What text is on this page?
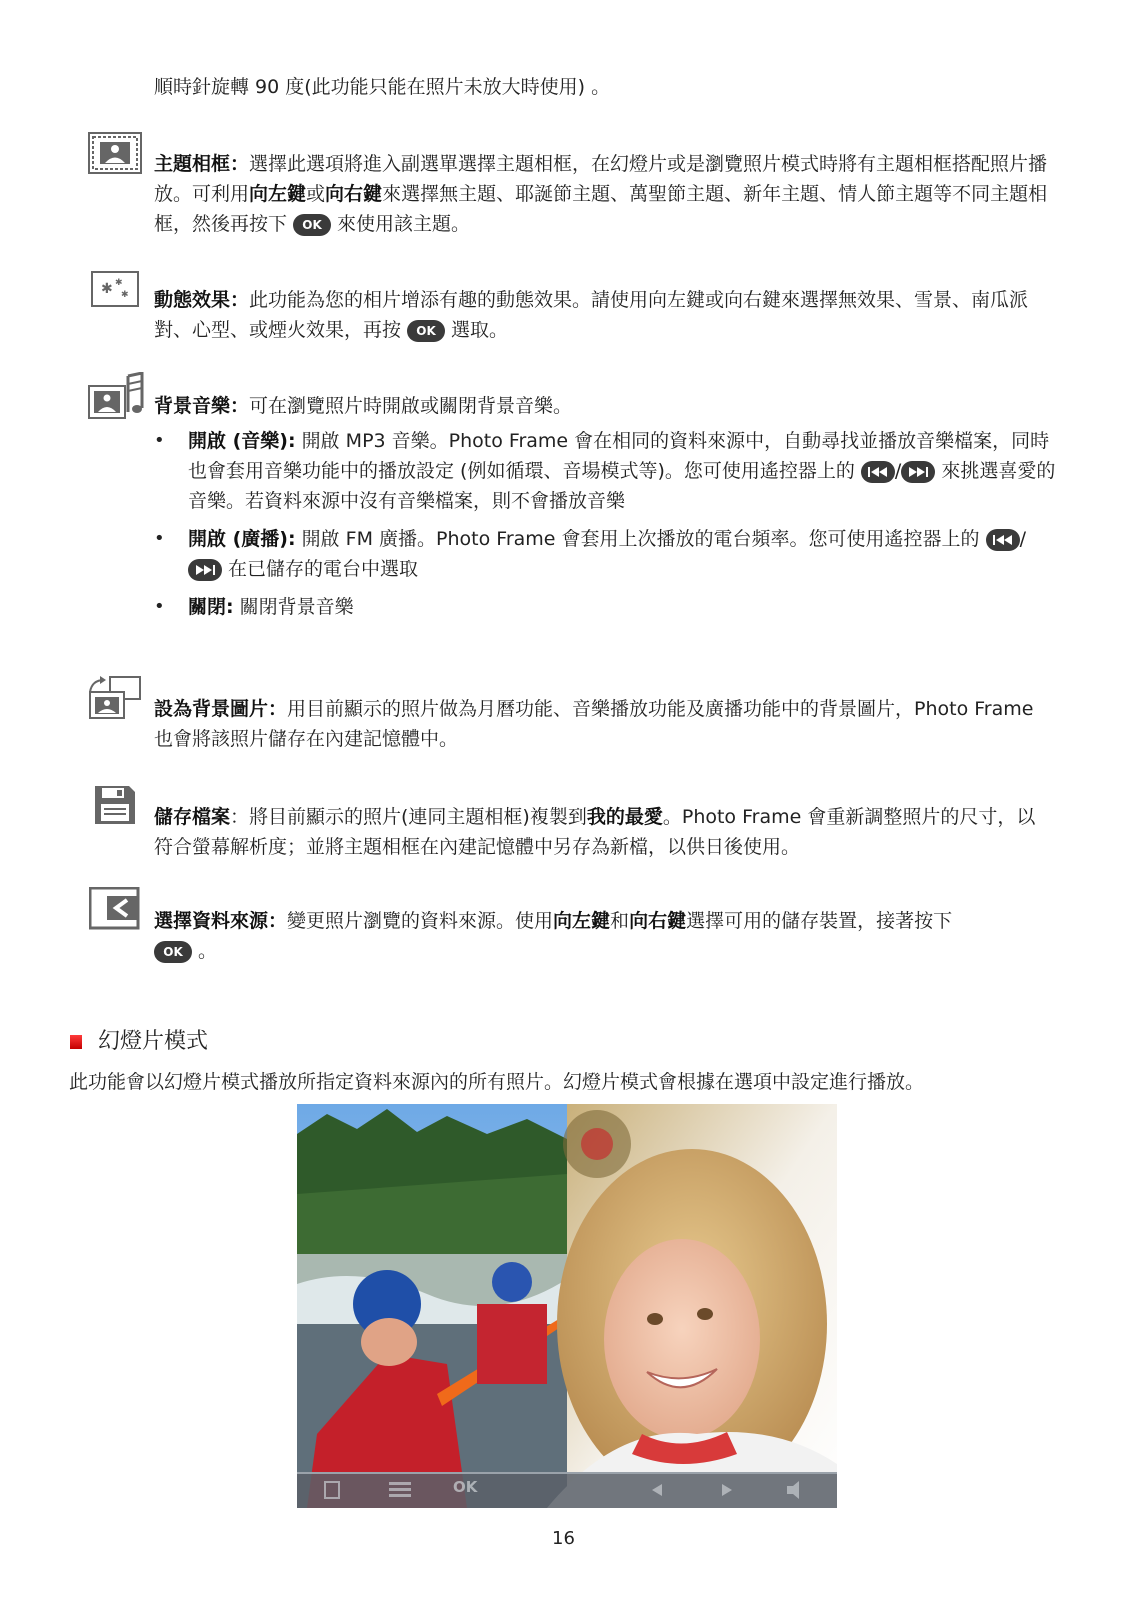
順時針旋轉 90 度(此功能只能在照片未放大時使用) 。
主題相框：選擇此選項將進入副選單選擇主題相框，在幻燈片或是瀏覽照片模式時將有主題相框搭配照片播放。可利用向左鍵或向右鍵來選擇無主題、耶誕節主題、萬聖節主題、新年主題、情人節主題等不同主題相框，然後再按下 OK 來使用該主題。
✱ ✱
✱ 動態效果：此功能為您的相片增添有趣的動態效果。請使用向左鍵或向右鍵來選擇無效果、雪景、南瓜派對、心型、或煙火效果，再按 OK 選取。
背景音樂：可在瀏覽照片時開啟或關閉背景音樂。
• 開啟 (音樂): 開啟 MP3 音樂。Photo Frame 會在相同的資料來源中，自動尋找並播放音樂檔案，同時也會套用音樂功能中的播放設定 (例如循環、音場模式等)。您可使用遙控器上的 / 來挑選喜愛的音樂。若資料來源中沒有音樂檔案，則不會播放音樂
• 開啟 (廣播): 開啟 FM 廣播。Photo Frame 會套用上次播放的電台頻率。您可使用遙控器上的 /
在已儲存的電台中選取
• 關閉: 關閉背景音樂
設為背景圖片：用目前顯示的照片做為月曆功能、音樂播放功能及廣播功能中的背景圖片，Photo Frame 也會將該照片儲存在內建記憶體中。
儲存檔案：將目前顯示的照片(連同主題相框)複製到我的最愛。Photo Frame 會重新調整照片的尺寸，以符合螢幕解析度；並將主題相框在內建記憶體中另存為新檔，以供日後使用。
選擇資料來源：變更照片瀏覽的資料來源。使用向左鍵和向右鍵選擇可用的儲存裝置，接著按下
OK 。
幻燈片模式
此功能會以幻燈片模式播放所指定資料來源內的所有照片。幻燈片模式會根據在選項中設定進行播放。
OK
16
